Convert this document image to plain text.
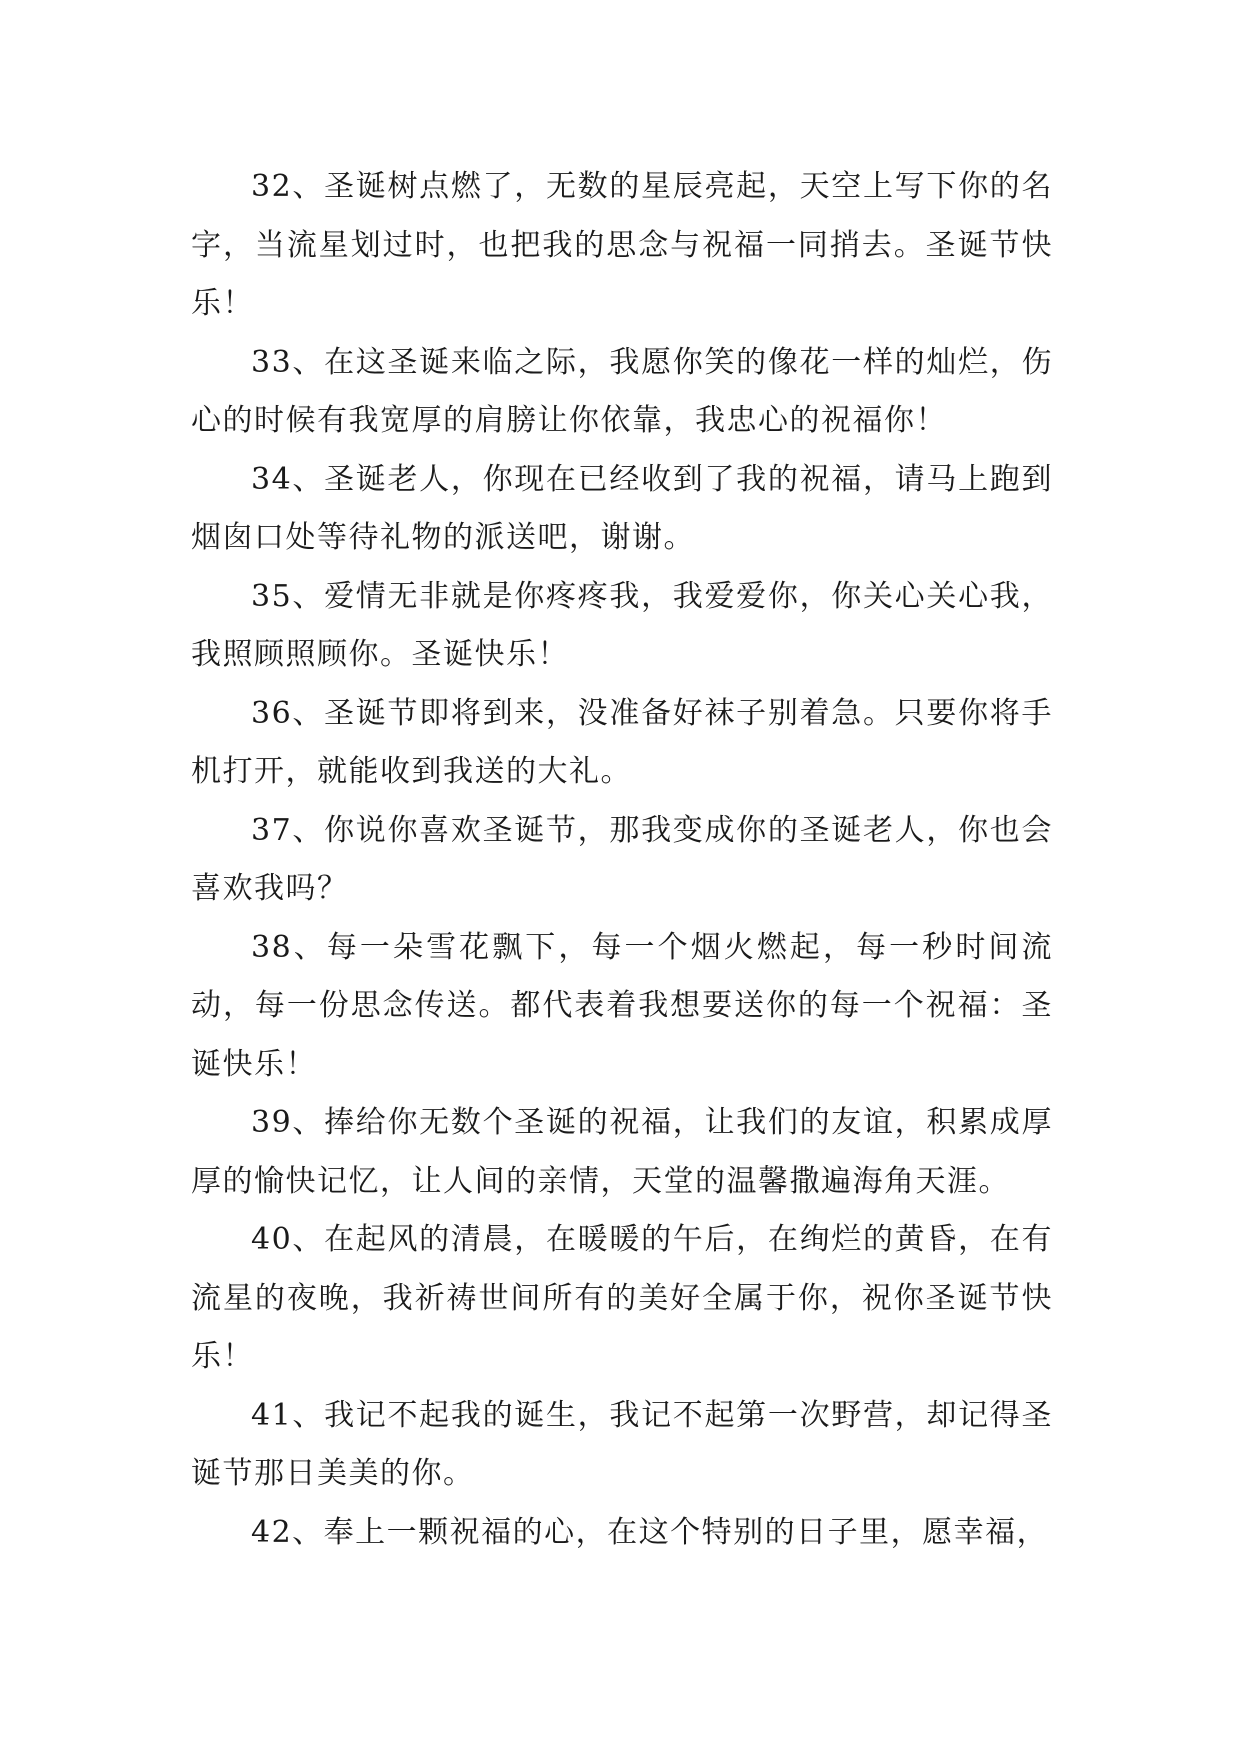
32、圣诞树点燃了，无数的星辰亮起，天空上写下你的名字，当流星划过时，也把我的思念与祝福一同捎去。圣诞节快乐！

33、在这圣诞来临之际，我愿你笑的像花一样的灿烂，伤心的时候有我宽厚的肩膀让你依靠，我忠心的祝福你！

34、圣诞老人，你现在已经收到了我的祝福，请马上跑到烟囱口处等待礼物的派送吧，谢谢。

35、爱情无非就是你疼疼我，我爱爱你，你关心关心我，我照顾照顾你。圣诞快乐！

36、圣诞节即将到来，没准备好袜子别着急。只要你将手机打开，就能收到我送的大礼。

37、你说你喜欢圣诞节，那我变成你的圣诞老人，你也会喜欢我吗？

38、每一朵雪花飘下，每一个烟火燃起，每一秒时间流动，每一份思念传送。都代表着我想要送你的每一个祝福：圣诞快乐！

39、捧给你无数个圣诞的祝福，让我们的友谊，积累成厚厚的愉快记忆，让人间的亲情，天堂的温馨撒遍海角天涯。

40、在起风的清晨，在暖暖的午后，在绚烂的黄昏，在有流星的夜晚，我祈祷世间所有的美好全属于你，祝你圣诞节快乐！

41、我记不起我的诞生，我记不起第一次野营，却记得圣诞节那日美美的你。

42、奉上一颗祝福的心，在这个特别的日子里，愿幸福，
